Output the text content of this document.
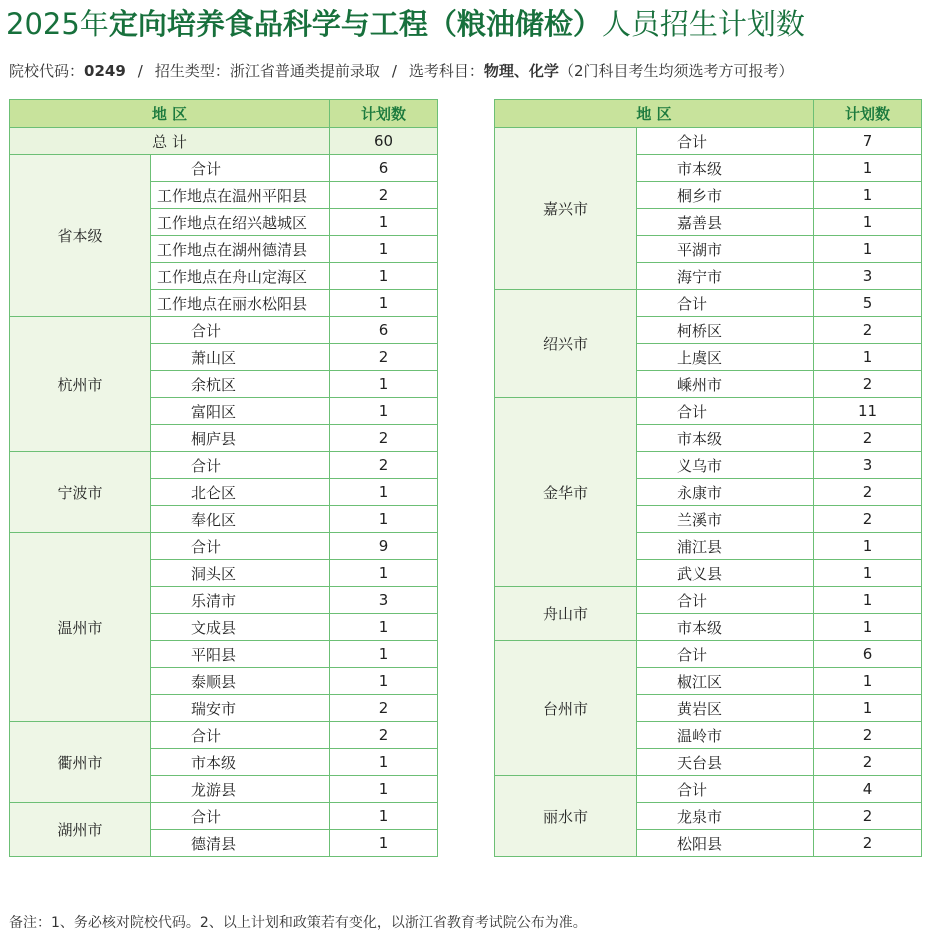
2025年定向培养食品科学与工程（粮油储检）人员招生计划数
院校代码：0249 / 招生类型：浙江省普通类提前录取 / 选考科目：物理、化学（2门科目考生均须选考方可报考）
地 区		计划数
总 计		60
省本级	合计	6
	工作地点在温州平阳县	2
	工作地点在绍兴越城区	1
	工作地点在湖州德清县	1
	工作地点在舟山定海区	1
	工作地点在丽水松阳县	1
杭州市	合计	6
	萧山区	2
	余杭区	1
	富阳区	1
	桐庐县	2
宁波市	合计	2
	北仑区	1
	奉化区	1
温州市	合计	9
	洞头区	1
	乐清市	3
	文成县	1
	平阳县	1
	泰顺县	1
	瑞安市	2
衢州市	合计	2
	市本级	1
	龙游县	1
湖州市	合计	1
	德清县	1
地 区		计划数
嘉兴市	合计	7
	市本级	1
	桐乡市	1
	嘉善县	1
	平湖市	1
	海宁市	3
绍兴市	合计	5
	柯桥区	2
	上虞区	1
	嵊州市	2
金华市	合计	11
	市本级	2
	义乌市	3
	永康市	2
	兰溪市	2
	浦江县	1
	武义县	1
舟山市	合计	1
	市本级	1
台州市	合计	6
	椒江区	1
	黄岩区	1
	温岭市	2
	天台县	2
丽水市	合计	4
	龙泉市	2
	松阳县	2
备注：1、务必核对院校代码。2、以上计划和政策若有变化，以浙江省教育考试院公布为准。
